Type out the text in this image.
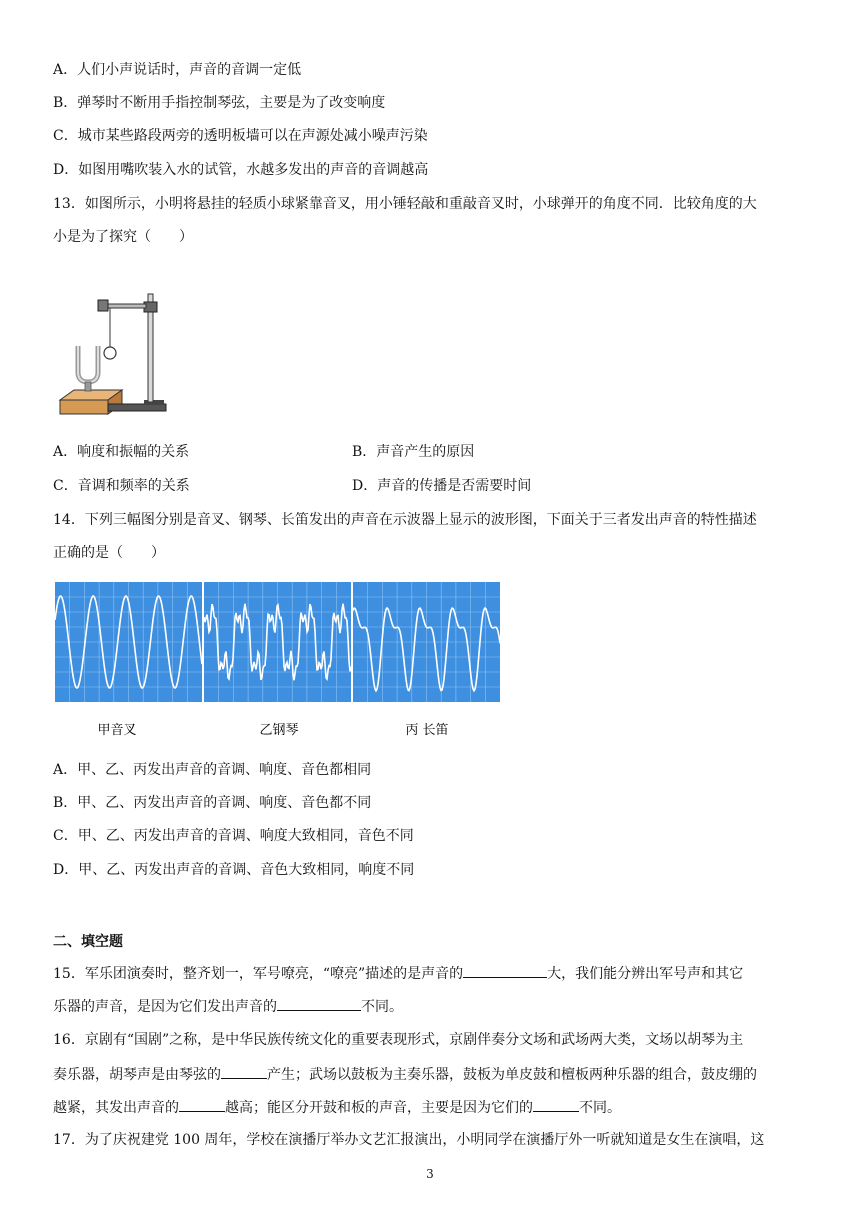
A．人们小声说话时，声音的音调一定低
B．弹琴时不断用手指控制琴弦，主要是为了改变响度
C．城市某些路段两旁的透明板墙可以在声源处减小噪声污染
D．如图用嘴吹装入水的试管，水越多发出的声音的音调越高
13．如图所示，小明将悬挂的轻质小球紧靠音叉，用小锤轻敲和重敲音叉时，小球弹开的角度不同．比较角度的大
小是为了探究（　　）
A．响度和振幅的关系	B．声音产生的原因
C．音调和频率的关系	D．声音的传播是否需要时间
14．下列三幅图分别是音叉、钢琴、长笛发出的声音在示波器上显示的波形图，下面关于三者发出声音的特性描述
正确的是（　　）
甲音叉	乙钢琴	丙 长笛
A．甲、乙、丙发出声音的音调、响度、音色都相同
B．甲、乙、丙发出声音的音调、响度、音色都不同
C．甲、乙、丙发出声音的音调、响度大致相同，音色不同
D．甲、乙、丙发出声音的音调、音色大致相同，响度不同
二、填空题
15．军乐团演奏时，整齐划一，军号嘹亮，“嘹亮”描述的是声音的	大，我们能分辨出军号声和其它
乐器的声音，是因为它们发出声音的	不同。
16．京剧有“国剧”之称，是中华民族传统文化的重要表现形式，京剧伴奏分文场和武场两大类，文场以胡琴为主
奏乐器，胡琴声是由琴弦的	产生；武场以鼓板为主奏乐器，鼓板为单皮鼓和檀板两种乐器的组合，鼓皮绷的
越紧，其发出声音的	越高；能区分开鼓和板的声音，主要是因为它们的	不同。
17．为了庆祝建党 100 周年，学校在演播厅举办文艺汇报演出，小明同学在演播厅外一听就知道是女生在演唱，这
3
